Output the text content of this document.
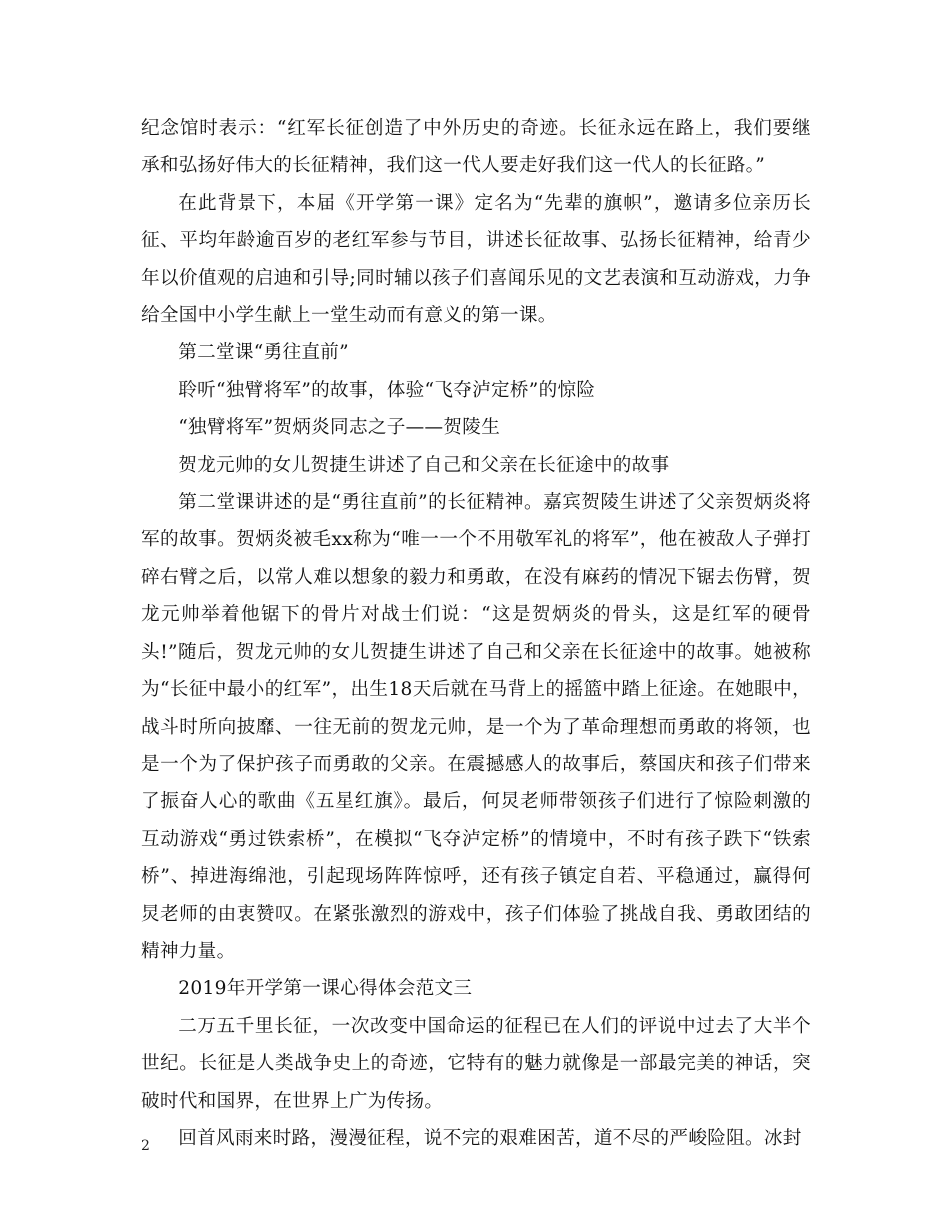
纪念馆时表示：“红军长征创造了中外历史的奇迹。长征永远在路上，我们要继承和弘扬好伟大的长征精神，我们这一代人要走好我们这一代人的长征路。”

在此背景下，本届《开学第一课》定名为“先辈的旗帜”，邀请多位亲历长征、平均年龄逾百岁的老红军参与节目，讲述长征故事、弘扬长征精神，给青少年以价值观的启迪和引导;同时辅以孩子们喜闻乐见的文艺表演和互动游戏，力争给全国中小学生献上一堂生动而有意义的第一课。

第二堂课“勇往直前”

聆听“独臂将军”的故事，体验“飞夺泸定桥”的惊险

“独臂将军”贺炳炎同志之子——贺陵生

贺龙元帅的女儿贺捷生讲述了自己和父亲在长征途中的故事

第二堂课讲述的是“勇往直前”的长征精神。嘉宾贺陵生讲述了父亲贺炳炎将军的故事。贺炳炎被毛xx称为“唯一一个不用敬军礼的将军”，他在被敌人子弹打碎右臂之后，以常人难以想象的毅力和勇敢，在没有麻药的情况下锯去伤臂，贺龙元帅举着他锯下的骨片对战士们说：“这是贺炳炎的骨头，这是红军的硬骨头!”随后，贺龙元帅的女儿贺捷生讲述了自己和父亲在长征途中的故事。她被称为“长征中最小的红军”，出生18天后就在马背上的摇篮中踏上征途。在她眼中，战斗时所向披靡、一往无前的贺龙元帅，是一个为了革命理想而勇敢的将领，也是一个为了保护孩子而勇敢的父亲。在震撼感人的故事后，蔡国庆和孩子们带来了振奋人心的歌曲《五星红旗》。最后，何炅老师带领孩子们进行了惊险刺激的互动游戏“勇过铁索桥”，在模拟“飞夺泸定桥”的情境中，不时有孩子跌下“铁索桥”、掉进海绵池，引起现场阵阵惊呼，还有孩子镇定自若、平稳通过，赢得何炅老师的由衷赞叹。在紧张激烈的游戏中，孩子们体验了挑战自我、勇敢团结的精神力量。

2019年开学第一课心得体会范文三

二万五千里长征，一次改变中国命运的征程已在人们的评说中过去了大半个世纪。长征是人类战争史上的奇迹，它特有的魅力就像是一部最完美的神话，突破时代和国界，在世界上广为传扬。

回首风雨来时路，漫漫征程，说不完的艰难困苦，道不尽的严峻险阻。冰封

2
